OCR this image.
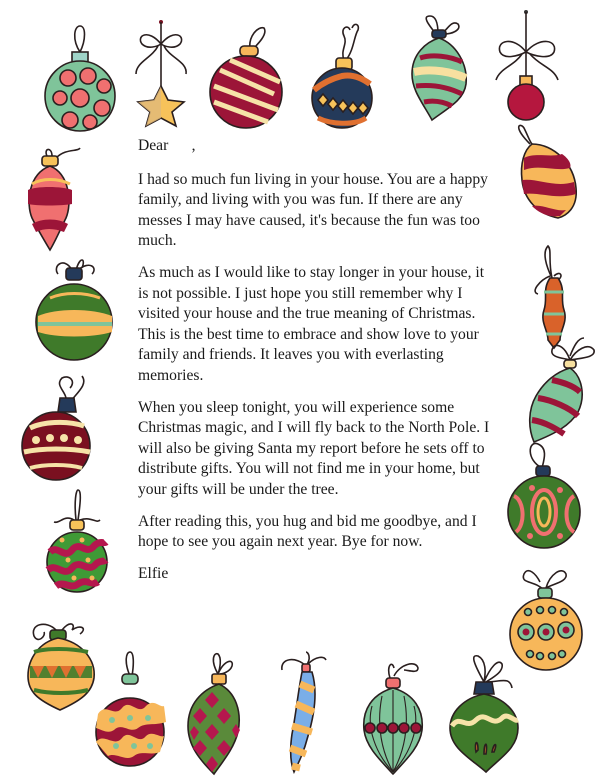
Dear      ,

I had so much fun living in your house. You are a happy family, and living with you was fun. If there are any messes I may have caused, it's because the fun was too much.

As much as I would like to stay longer in your house, it is not possible. I just hope you still remember why I visited your house and the true meaning of Christmas. This is the best time to embrace and show love to your family and friends. It leaves you with everlasting memories.

When you sleep tonight, you will experience some Christmas magic, and I will fly back to the North Pole. I will also be giving Santa my report before he sets off to distribute gifts. You will not find me in your home, but your gifts will be under the tree.

After reading this, you hug and bid me goodbye, and I hope to see you again next year. Bye for now.

Elfie
